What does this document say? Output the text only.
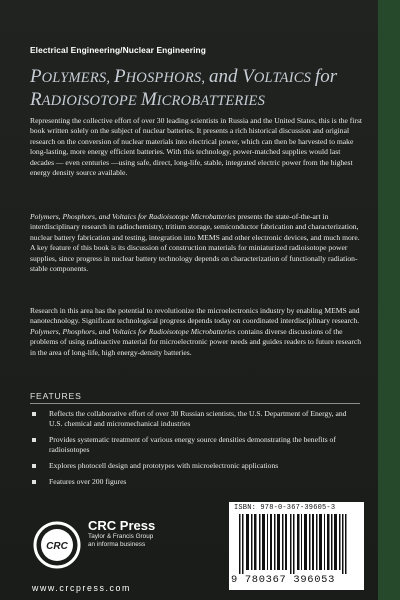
Electrical Engineering/Nuclear Engineering
POLYMERS, PHOSPHORS, and VOLTAICS for
RADIOISOTOPE MICROBATTERIES
Representing the collective effort of over 30 leading scientists in Russia and the United States, this is the first book written solely on the subject of nuclear batteries. It presents a rich historical discussion and original research on the conversion of nuclear materials into electrical power, which can then be harvested to make long-lasting, more energy efficient batteries. With this technology, power-matched supplies would last decades — even centuries —using safe, direct, long-life, stable, integrated electric power from the highest energy density source available.
Polymers, Phosphors, and Voltaics for Radioisotope Microbatteries presents the state-of-the-art in interdisciplinary research in radiochemistry, tritium storage, semiconductor fabrication and characterization, nuclear battery fabrication and testing, integration into MEMS and other electronic devices, and much more. A key feature of this book is its discussion of construction materials for miniaturized radioisotope power supplies, since progress in nuclear battery technology depends on characterization of functionally radiation-stable components.
Research in this area has the potential to revolutionize the microelectronics industry by enabling MEMS and nanotechnology. Significant technological progress depends today on coordinated interdisciplinary research. Polymers, Phosphors, and Voltaics for Radioisotope Microbatteries contains diverse discussions of the problems of using radioactive material for microelectronic power needs and guides readers to future research in the area of long-life, high energy-density batteries.
FEATURES
Reflects the collaborative effort of over 30 Russian scientists, the U.S. Department of Energy, and U.S. chemical and micromechanical industries
Provides systematic treatment of various energy source densities demonstrating the benefits of radioisotopes
Explores photocell design and prototypes with microelectronic applications
Features over 200 figures
CRC
CRC Press
Taylor & Francis Group
an informa business
www.crcpress.com
ISBN: 978-0-367-39605-3
9 780367 396053
